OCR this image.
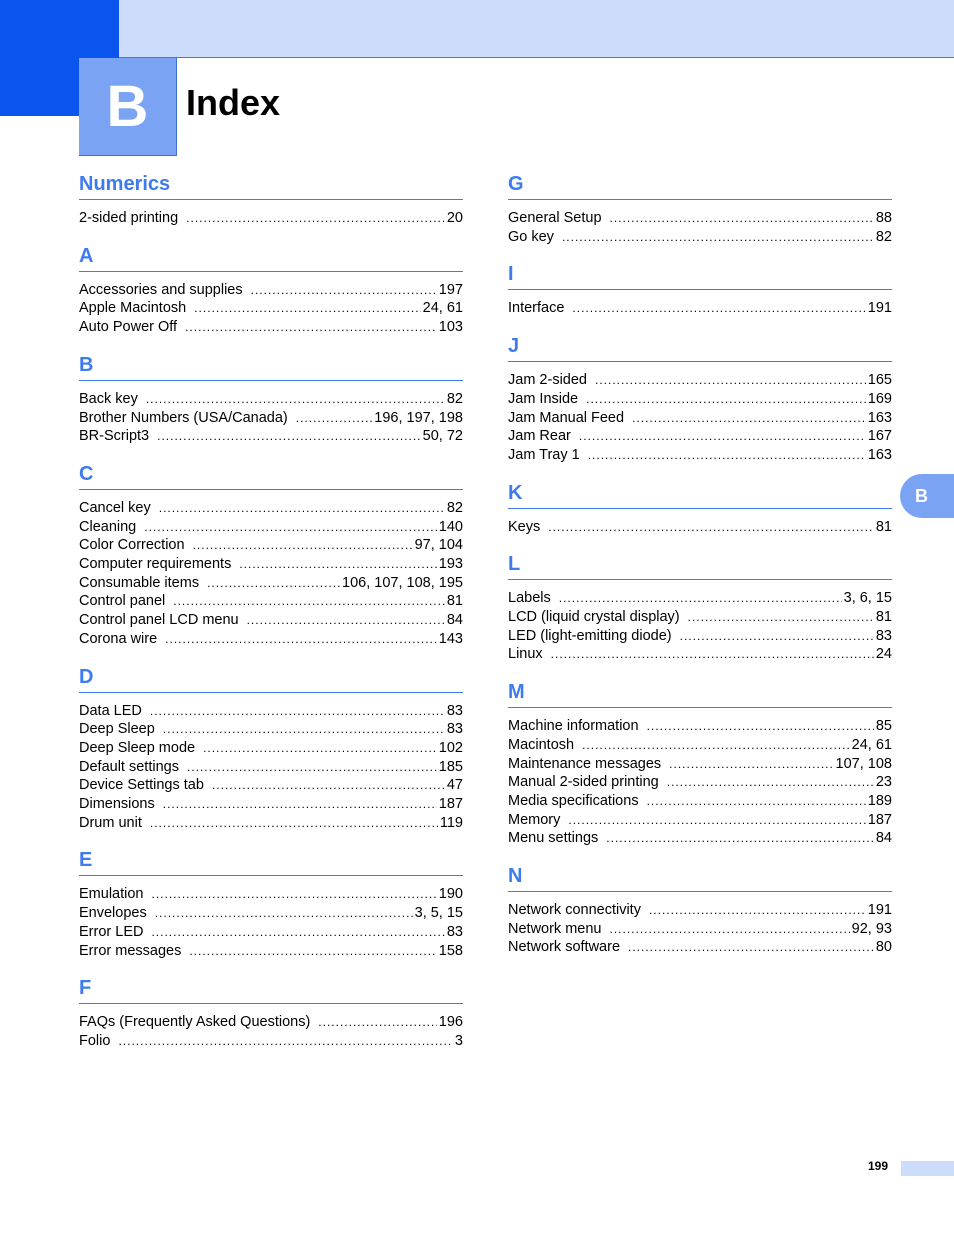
B	Index
Numerics
2-sided printing .....	20
A
Accessories and supplies .....	197
Apple Macintosh .....	24, 61
Auto Power Off .....	103
B
Back key .....	82
Brother Numbers (USA/Canada) .....	196, 197, 198
BR-Script3 .....	50, 72
C
Cancel key .....	82
Cleaning .....	140
Color Correction .....	97, 104
Computer requirements .....	193
Consumable items .....	106, 107, 108, 195
Control panel .....	81
Control panel LCD menu .....	84
Corona wire .....	143
D
Data LED .....	83
Deep Sleep .....	83
Deep Sleep mode .....	102
Default settings .....	185
Device Settings tab .....	47
Dimensions .....	187
Drum unit .....	119
E
Emulation .....	190
Envelopes .....	3, 5, 15
Error LED .....	83
Error messages .....	158
F
FAQs (Frequently Asked Questions) .....	196
Folio .....	3
G
General Setup .....	88
Go key .....	82
I
Interface .....	191
J
Jam 2-sided .....	165
Jam Inside .....	169
Jam Manual Feed .....	163
Jam Rear .....	167
Jam Tray 1 .....	163
K
Keys .....	81
L
Labels .....	3, 6, 15
LCD (liquid crystal display) .....	81
LED (light-emitting diode) .....	83
Linux .....	24
M
Machine information .....	85
Macintosh .....	24, 61
Maintenance messages .....	107, 108
Manual 2-sided printing .....	23
Media specifications .....	189
Memory .....	187
Menu settings .....	84
N
Network connectivity .....	191
Network menu .....	92, 93
Network software .....	80
B
199
